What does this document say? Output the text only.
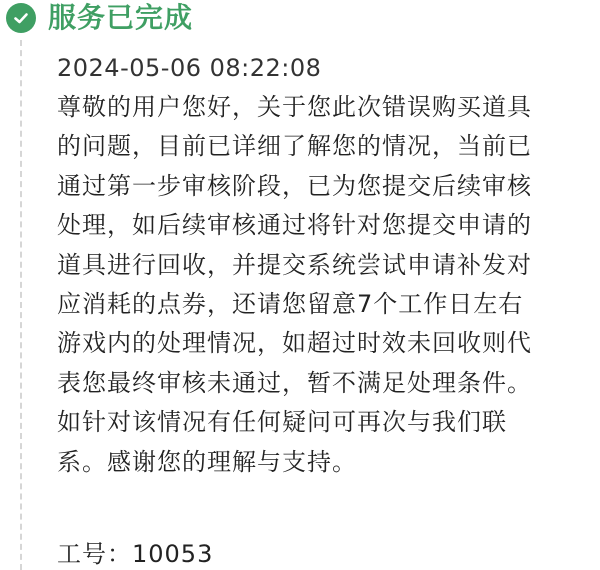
服务已完成
2024-05-06 08:22:08
尊敬的用户您好，关于您此次错误购买道具
的问题，目前已详细了解您的情况，当前已
通过第一步审核阶段，已为您提交后续审核
处理，如后续审核通过将针对您提交申请的
道具进行回收，并提交系统尝试申请补发对
应消耗的点券，还请您留意7个工作日左右
游戏内的处理情况，如超过时效未回收则代
表您最终审核未通过，暂不满足处理条件。
如针对该情况有任何疑问可再次与我们联
系。感谢您的理解与支持。
工号：10053
